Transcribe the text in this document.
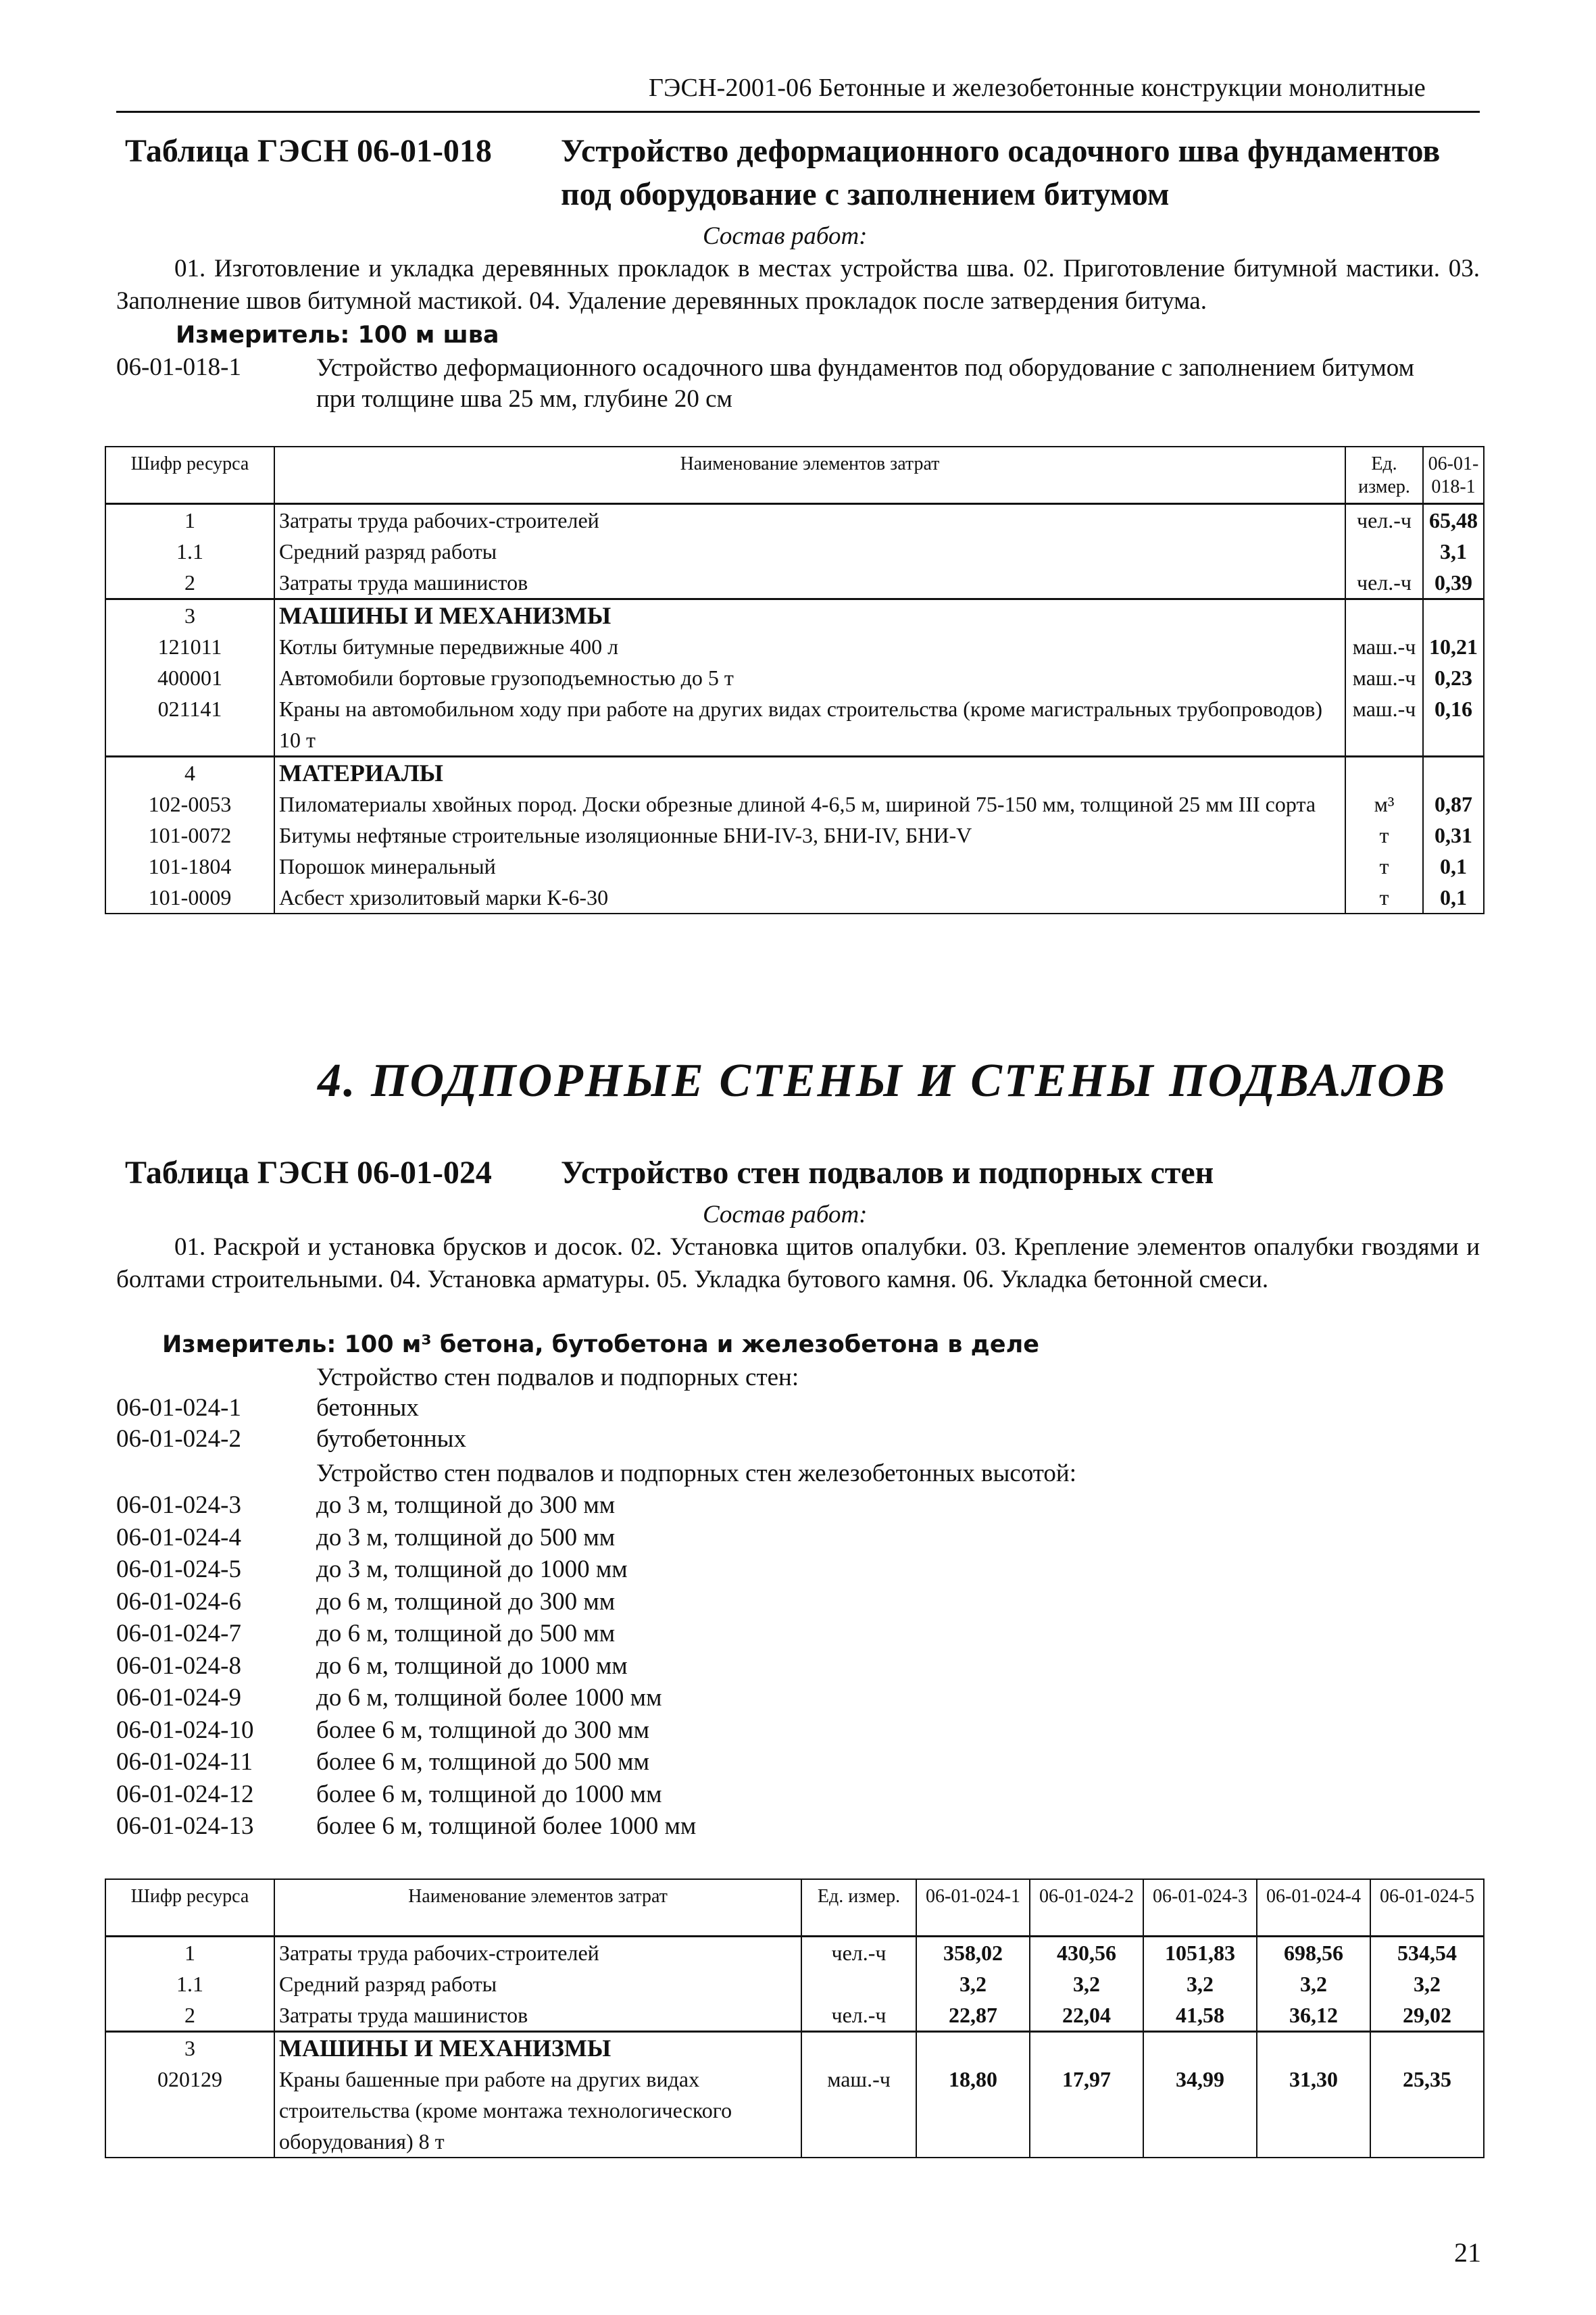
ГЭСН-2001-06 Бетонные и железобетонные конструкции монолитные
Таблица ГЭСН 06-01-018 Устройство деформационного осадочного шва фундаментов
под оборудование с заполнением битумом
Состав работ:
01. Изготовление и укладка деревянных прокладок в местах устройства шва. 02. Приготовление битумной мастики. 03. Заполнение швов битумной мастикой. 04. Удаление деревянных прокладок после затвердения битума.
Измеритель: 100 м шва
06-01-018-1	Устройство деформационного осадочного шва фундаментов под оборудование с заполнением битумом при толщине шва 25 мм, глубине 20 см
Шифр ресурса	Наименование элементов затрат	Ед. измер.	06-01-018-1
1	Затраты труда рабочих-строителей	чел.-ч	65,48
1.1	Средний разряд работы		3,1
2	Затраты труда машинистов	чел.-ч	0,39
3	МАШИНЫ И МЕХАНИЗМЫ		
121011	Котлы битумные передвижные 400 л	маш.-ч	10,21
400001	Автомобили бортовые грузоподъемностью до 5 т	маш.-ч	0,23
021141	Краны на автомобильном ходу при работе на других видах строительства (кроме магистральных трубопроводов) 10 т	маш.-ч	0,16
4	МАТЕРИАЛЫ		
102-0053	Пиломатериалы хвойных пород. Доски обрезные длиной 4-6,5 м, шириной 75-150 мм, толщиной 25 мм III сорта	м³	0,87
101-0072	Битумы нефтяные строительные изоляционные БНИ-IV-3, БНИ-IV, БНИ-V	т	0,31
101-1804	Порошок минеральный	т	0,1
101-0009	Асбест хризолитовый марки К-6-30	т	0,1
4. ПОДПОРНЫЕ СТЕНЫ И СТЕНЫ ПОДВАЛОВ
Таблица ГЭСН 06-01-024 Устройство стен подвалов и подпорных стен
Состав работ:
01. Раскрой и установка брусков и досок. 02. Установка щитов опалубки. 03. Крепление элементов опалубки гвоздями и болтами строительными. 04. Установка арматуры. 05. Укладка бутового камня. 06. Укладка бетонной смеси.
Измеритель: 100 м³ бетона, бутобетона и железобетона в деле
Устройство стен подвалов и подпорных стен:
06-01-024-1	бетонных
06-01-024-2	бутобетонных
Устройство стен подвалов и подпорных стен железобетонных высотой:
06-01-024-3	до 3 м, толщиной до 300 мм
06-01-024-4	до 3 м, толщиной до 500 мм
06-01-024-5	до 3 м, толщиной до 1000 мм
06-01-024-6	до 6 м, толщиной до 300 мм
06-01-024-7	до 6 м, толщиной до 500 мм
06-01-024-8	до 6 м, толщиной до 1000 мм
06-01-024-9	до 6 м, толщиной более 1000 мм
06-01-024-10	более 6 м, толщиной до 300 мм
06-01-024-11	более 6 м, толщиной до 500 мм
06-01-024-12	более 6 м, толщиной до 1000 мм
06-01-024-13	более 6 м, толщиной более 1000 мм
Шифр ресурса	Наименование элементов затрат	Ед. измер.	06-01-024-1	06-01-024-2	06-01-024-3	06-01-024-4	06-01-024-5
1	Затраты труда рабочих-строителей	чел.-ч	358,02	430,56	1051,83	698,56	534,54
1.1	Средний разряд работы		3,2	3,2	3,2	3,2	3,2
2	Затраты труда машинистов	чел.-ч	22,87	22,04	41,58	36,12	29,02
3	МАШИНЫ И МЕХАНИЗМЫ						
020129	Краны башенные при работе на других видах строительства (кроме монтажа технологического оборудования) 8 т	маш.-ч	18,80	17,97	34,99	31,30	25,35
21
